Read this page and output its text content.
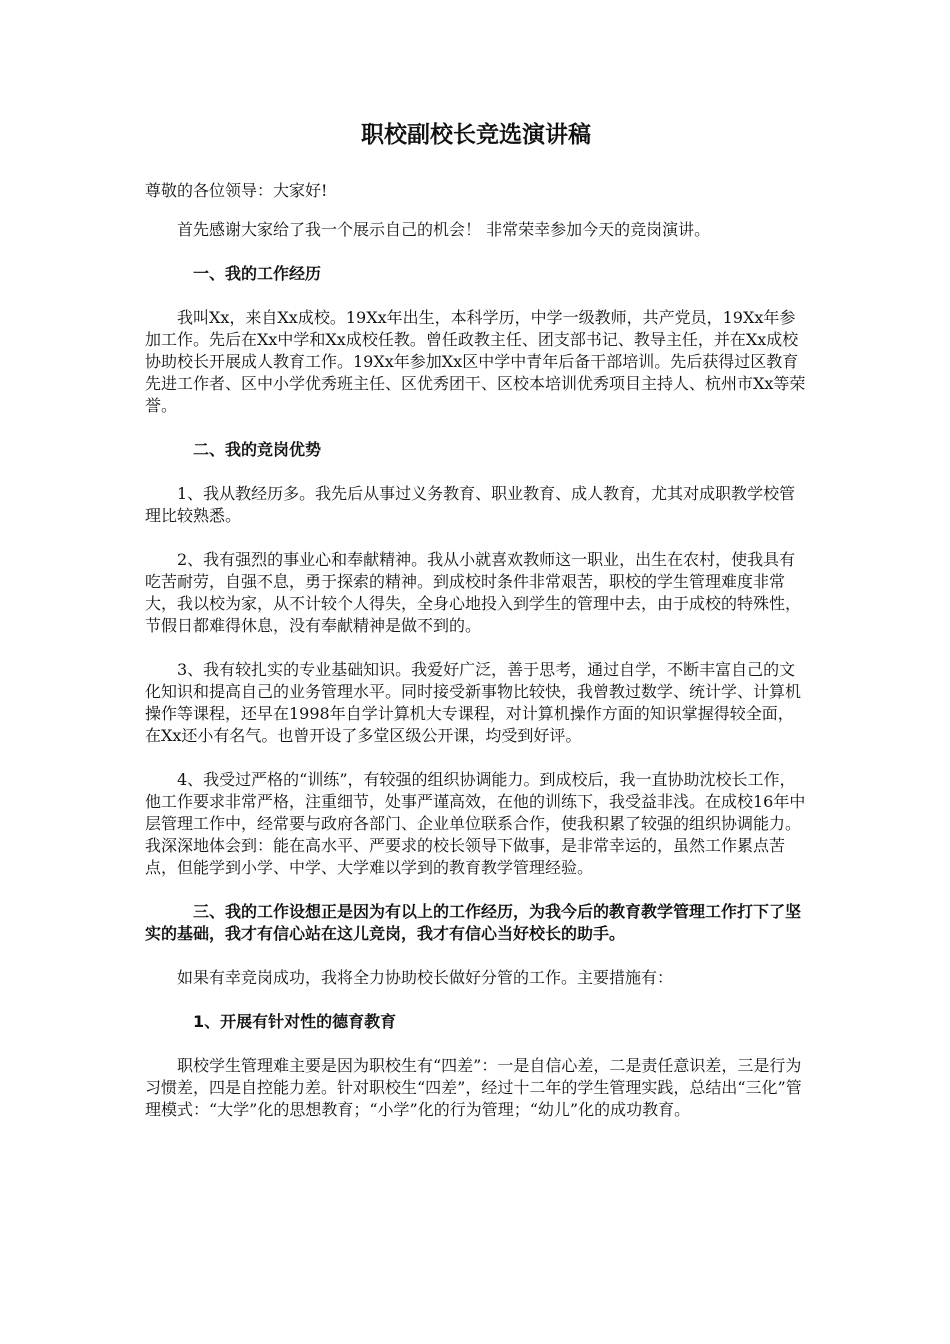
职校副校长竞选演讲稿

尊敬的各位领导：大家好!

首先感谢大家给了我一个展示自己的机会！ 非常荣幸参加今天的竞岗演讲。

一、我的工作经历

我叫Xx，来自Xx成校。19Xx年出生，本科学历，中学一级教师，共产党员，19Xx年参加工作。先后在Xx中学和Xx成校任教。曾任政教主任、团支部书记、教导主任，并在Xx成校协助校长开展成人教育工作。19Xx年参加Xx区中学中青年后备干部培训。先后获得过区教育先进工作者、区中小学优秀班主任、区优秀团干、区校本培训优秀项目主持人、杭州市Xx等荣誉。

二、我的竞岗优势

1、我从教经历多。我先后从事过义务教育、职业教育、成人教育，尤其对成职教学校管理比较熟悉。

2、我有强烈的事业心和奉献精神。我从小就喜欢教师这一职业，出生在农村，使我具有吃苦耐劳，自强不息，勇于探索的精神。到成校时条件非常艰苦，职校的学生管理难度非常大，我以校为家，从不计较个人得失，全身心地投入到学生的管理中去，由于成校的特殊性，节假日都难得休息，没有奉献精神是做不到的。

3、我有较扎实的专业基础知识。我爱好广泛，善于思考，通过自学，不断丰富自己的文化知识和提高自己的业务管理水平。同时接受新事物比较快，我曾教过数学、统计学、计算机操作等课程，还早在1998年自学计算机大专课程，对计算机操作方面的知识掌握得较全面，在Xx还小有名气。也曾开设了多堂区级公开课，均受到好评。

4、我受过严格的“训练”，有较强的组织协调能力。到成校后，我一直协助沈校长工作，他工作要求非常严格，注重细节，处事严谨高效，在他的训练下，我受益非浅。在成校16年中层管理工作中，经常要与政府各部门、企业单位联系合作，使我积累了较强的组织协调能力。我深深地体会到：能在高水平、严要求的校长领导下做事，是非常幸运的，虽然工作累点苦点，但能学到小学、中学、大学难以学到的教育教学管理经验。

三、我的工作设想正是因为有以上的工作经历，为我今后的教育教学管理工作打下了坚实的基础，我才有信心站在这儿竞岗，我才有信心当好校长的助手。

如果有幸竞岗成功，我将全力协助校长做好分管的工作。主要措施有：

1、开展有针对性的德育教育

职校学生管理难主要是因为职校生有“四差”：一是自信心差，二是责任意识差，三是行为习惯差，四是自控能力差。针对职校生“四差”，经过十二年的学生管理实践，总结出“三化”管理模式：“大学”化的思想教育；“小学”化的行为管理；“幼儿”化的成功教育。
